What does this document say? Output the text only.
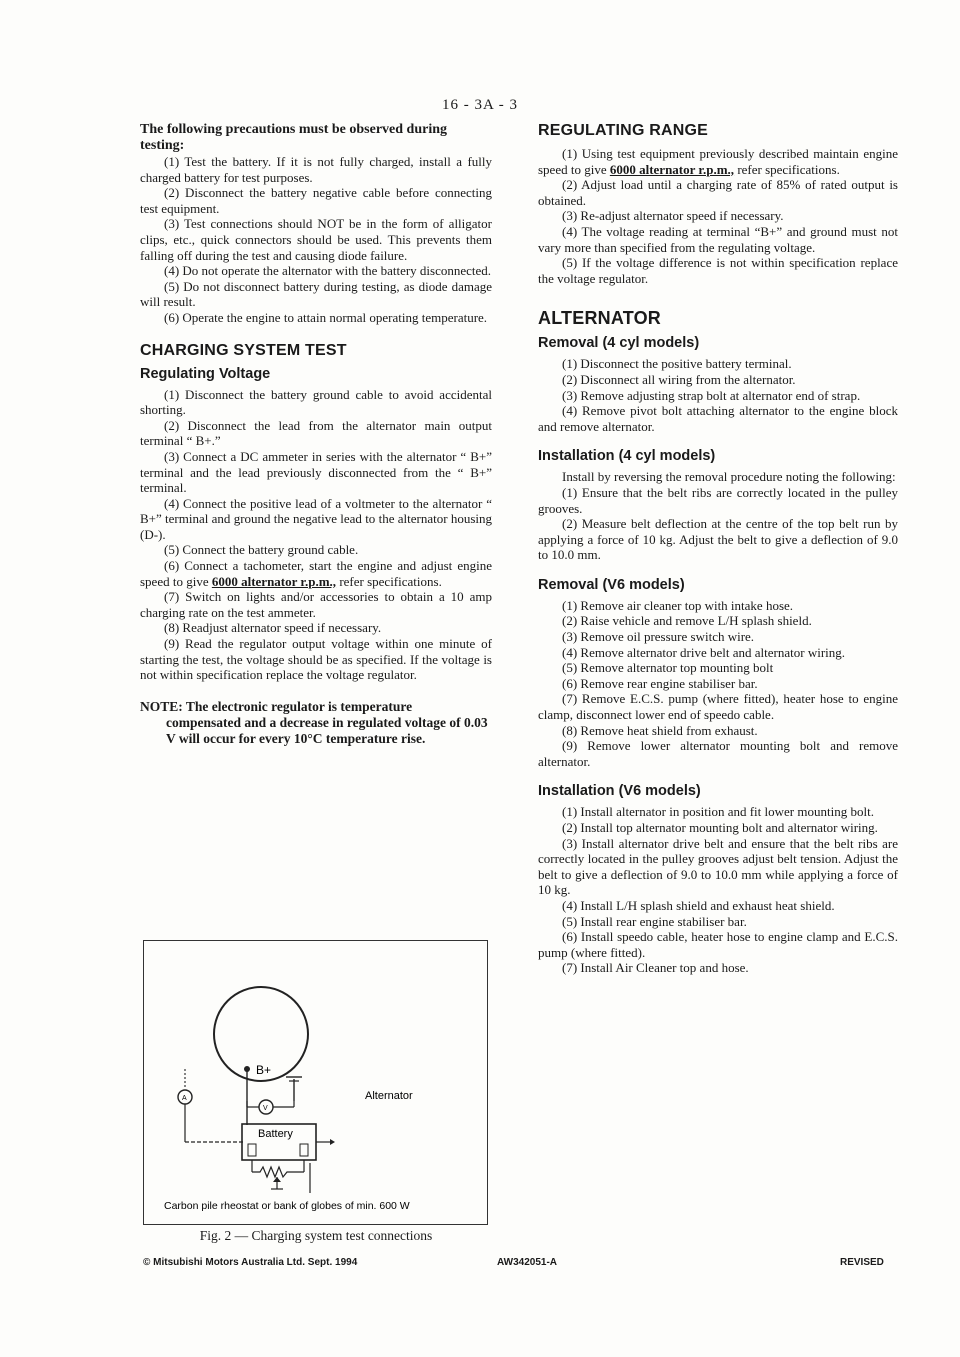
16 - 3A - 3
The following precautions must be observed during testing:

(1) Test the battery. If it is not fully charged, install a fully charged battery for test purposes.

(2) Disconnect the battery negative cable before connecting test equipment.

(3) Test connections should NOT be in the form of alligator clips, etc., quick connectors should be used. This prevents them falling off during the test and causing diode failure.

(4) Do not operate the alternator with the battery disconnected.

(5) Do not disconnect battery during testing, as diode damage will result.

(6) Operate the engine to attain normal operating temperature.

CHARGING SYSTEM TEST
Regulating Voltage

(1) Disconnect the battery ground cable to avoid accidental shorting.

(2) Disconnect the lead from the alternator main output terminal “ B+.”

(3) Connect a DC ammeter in series with the alternator “ B+” terminal and the lead previously disconnected from the “ B+” terminal.

(4) Connect the positive lead of a voltmeter to the alternator “ B+” terminal and ground the negative lead to the alternator housing (D-).

(5) Connect the battery ground cable.

(6) Connect a tachometer, start the engine and adjust engine speed to give 6000 alternator r.p.m., refer specifications.

(7) Switch on lights and/or accessories to obtain a 10 amp charging rate on the test ammeter.

(8) Readjust alternator speed if necessary.

(9) Read the regulator output voltage within one minute of starting the test, the voltage should be as specified. If the voltage is not within specification replace the voltage regulator.

NOTE: The electronic regulator is temperature
compensated and a decrease in regulated voltage of 0.03 V will occur for every 10°C temperature rise.
B+
V
A
Battery
Alternator
Carbon pile rheostat or bank of globes of min. 600 W
Fig. 2 — Charging system test connections
REGULATING RANGE

(1) Using test equipment previously described maintain engine speed to give 6000 alternator r.p.m., refer specifications.

(2) Adjust load until a charging rate of 85% of rated output is obtained.

(3) Re-adjust alternator speed if necessary.

(4) The voltage reading at terminal “B+” and ground must not vary more than specified from the regulating voltage.

(5) If the voltage difference is not within specification replace the voltage regulator.

ALTERNATOR
Removal (4 cyl models)

(1) Disconnect the positive battery terminal.

(2) Disconnect all wiring from the alternator.

(3) Remove adjusting strap bolt at alternator end of strap.

(4) Remove pivot bolt attaching alternator to the engine block and remove alternator.

Installation (4 cyl models)

Install by reversing the removal procedure noting the following:

(1) Ensure that the belt ribs are correctly located in the pulley grooves.

(2) Measure belt deflection at the centre of the top belt run by applying a force of 10 kg. Adjust the belt to give a deflection of 9.0 to 10.0 mm.

Removal (V6 models)

(1) Remove air cleaner top with intake hose.

(2) Raise vehicle and remove L/H splash shield.

(3) Remove oil pressure switch wire.

(4) Remove alternator drive belt and alternator wiring.

(5) Remove alternator top mounting bolt

(6) Remove rear engine stabiliser bar.

(7) Remove E.C.S. pump (where fitted), heater hose to engine clamp, disconnect lower end of speedo cable.

(8) Remove heat shield from exhaust.

(9) Remove lower alternator mounting bolt and remove alternator.

Installation (V6 models)

(1) Install alternator in position and fit lower mounting bolt.

(2) Install top alternator mounting bolt and alternator wiring.

(3) Install alternator drive belt and ensure that the belt ribs are correctly located in the pulley grooves adjust belt tension. Adjust the belt to give a deflection of 9.0 to 10.0 mm while applying a force of 10 kg.

(4) Install L/H splash shield and exhaust heat shield.

(5) Install rear engine stabiliser bar.

(6) Install speedo cable, heater hose to engine clamp and E.C.S. pump (where fitted).

(7) Install Air Cleaner top and hose.

© Mitsubishi Motors Australia Ltd. Sept. 1994	AW342051-A	REVISED
